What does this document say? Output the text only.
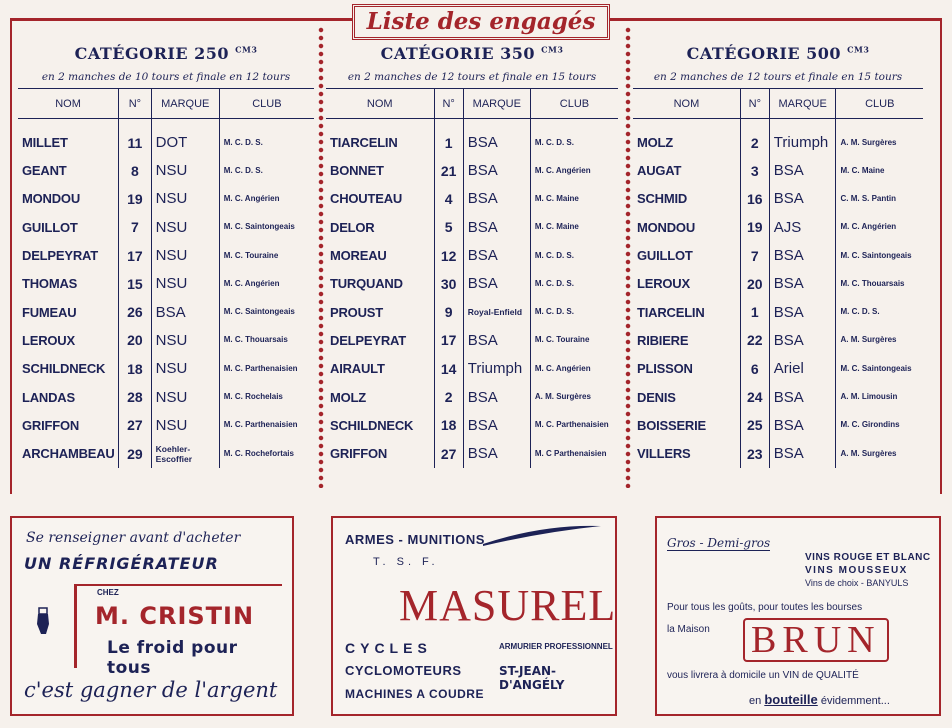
Liste des engagés
CATÉGORIE 250 $^{CM3}$
en 2 manches de 10 tours et finale en 12 tours
NOM	N°	MARQUE	CLUB
MILLET	11	DOT	M. C. D. S.
GEANT	8	NSU	M. C. D. S.
MONDOU	19	NSU	M. C. Angérien
GUILLOT	7	NSU	M. C. Saintongeais
DELPEYRAT	17	NSU	M. C. Touraine
THOMAS	15	NSU	M. C. Angérien
FUMEAU	26	BSA	M. C. Saintongeais
LEROUX	20	NSU	M. C. Thouarsais
SCHILDNECK	18	NSU	M. C. Parthenaisien
LANDAS	28	NSU	M. C. Rochelais
GRIFFON	27	NSU	M. C. Parthenaisien
ARCHAMBEAU	29	Koehler-Escoffier	M. C. Rochefortais
CATÉGORIE 350 $^{CM3}$
en 2 manches de 12 tours et finale en 15 tours
NOM	N°	MARQUE	CLUB
TIARCELIN	1	BSA	M. C. D. S.
BONNET	21	BSA	M. C. Angérien
CHOUTEAU	4	BSA	M. C. Maine
DELOR	5	BSA	M. C. Maine
MOREAU	12	BSA	M. C. D. S.
TURQUAND	30	BSA	M. C. D. S.
PROUST	9	Royal-Enfield	M. C. D. S.
DELPEYRAT	17	BSA	M. C. Touraine
AIRAULT	14	Triumph	M. C. Angérien
MOLZ	2	BSA	A. M. Surgères
SCHILDNECK	18	BSA	M. C. Parthenaisien
GRIFFON	27	BSA	M. C Parthenaisien
CATÉGORIE 500 $^{CM3}$
en 2 manches de 12 tours et finale en 15 tours
NOM	N°	MARQUE	CLUB
MOLZ	2	Triumph	A. M. Surgères
AUGAT	3	BSA	M. C. Maine
SCHMID	16	BSA	C. M. S. Pantin
MONDOU	19	AJS	M. C. Angérien
GUILLOT	7	BSA	M. C. Saintongeais
LEROUX	20	BSA	M. C. Thouarsais
TIARCELIN	1	BSA	M. C. D. S.
RIBIERE	22	BSA	A. M. Surgères
PLISSON	6	Ariel	M. C. Saintongeais
DENIS	24	BSA	A. M. Limousin
BOISSERIE	25	BSA	M. C. Girondins
VILLERS	23	BSA	A. M. Surgères
Se renseigner avant d'acheter
UN RÉFRIGÉRATEUR
CHEZ
M. CRISTIN
Le froid pour tous
c'est gagner de l'argent
ARMES - MUNITIONS
T. S. F.
MASUREL
CYCLES
CYCLOMOTEURS
MACHINES A COUDRE
ARMURIER PROFESSIONNEL
ST-JEAN-D'ANGÉLY
Gros - Demi-gros
VINS ROUGE ET BLANC
VINS MOUSSEUX
Vins de choix - BANYULS
Pour tous les goûts, pour toutes les bourses
la Maison BRUN
vous livrera à domicile un VIN de QUALITÉ
en bouteille évidemment...
